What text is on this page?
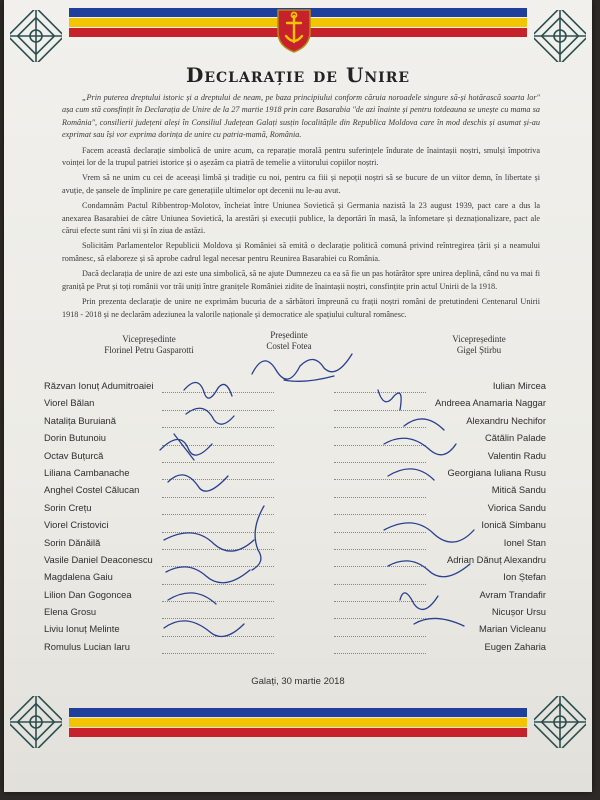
Declarație de Unire

„Prin puterea dreptului istoric și a dreptului de neam, pe baza principiului conform căruia noroadele singure să-și hotărască soarta lor" așa cum stă consfințit în Declarația de Unire de la 27 martie 1918 prin care Basarabia "de azi înainte și pentru totdeauna se unește cu mama sa România", consilierii județeni aleși în Consiliul Județean Galați susțin localitățile din Republica Moldova care în mod deschis și asumat și-au exprimat sau își vor exprima dorința de unire cu patria-mamă, România.

Facem această declarație simbolică de unire acum, ca reparație morală pentru suferințele îndurate de înaintașii noștri, smulși împotriva voinței lor de la trupul patriei istorice și o așezăm ca piatră de temelie a viitorului copiilor noștri.

Vrem să ne unim cu cei de aceeași limbă și tradiție cu noi, pentru ca fiii și nepoții noștri să se bucure de un viitor demn, în libertate și avuție, de șansele de împlinire pe care generațiile ultimelor opt decenii nu le-au avut.

Condamnăm Pactul Ribbentrop-Molotov, încheiat între Uniunea Sovietică și Germania nazistă la 23 august 1939, pact care a dus la anexarea Basarabiei de către Uniunea Sovietică, la arestări și execuții publice, la deportări în masă, la înfometare și deznaționalizare, pact ale cărui efecte sunt răni vii și în ziua de astăzi.

Solicităm Parlamentelor Republicii Moldova și României să emită o declarație politică comună privind reîntregirea țării și a neamului românesc, să elaboreze și să aprobe cadrul legal necesar pentru Reunirea Basarabiei cu România.

Dacă declarația de unire de azi este una simbolică, să ne ajute Dumnezeu ca ea să fie un pas hotărâtor spre unirea deplină, când nu va mai fi graniță pe Prut și toți românii vor trăi uniți între granițele României zidite de înaintașii noștri, consfințite prin actul Unirii de la 1918.

Prin prezenta declarație de unire ne exprimăm bucuria de a sărbători împreună cu frații noștri români de pretutindeni Centenarul Unirii 1918 - 2018 și ne declarăm adeziunea la valorile naționale și democratice ale spațiului cultural românesc.

Vicepreședinte
Florinel Petru Gasparotti
Președinte
Costel Fotea
Vicepreședinte
Gigel Știrbu
Răzvan Ionuț Adumitroaiei
Viorel Bălan
Natalița Buruiană
Dorin Butunoiu
Octav Buțurcă
Liliana Cambanache
Anghel Costel Călucan
Sorin Crețu
Viorel Cristovici
Sorin Dănăilă
Vasile Daniel Deaconescu
Magdalena Gaiu
Lilion Dan Gogoncea
Elena Grosu
Liviu Ionuț Melinte
Romulus Lucian Iaru
Iulian Mircea
Andreea Anamaria Naggar
Alexandru Nechifor
Cătălin Palade
Valentin Radu
Georgiana Iuliana Rusu
Mitică Sandu
Viorica Sandu
Ionică Simbanu
Ionel Stan
Adrian Dănuț Alexandru
Ion Ștefan
Avram Trandafir
Nicușor Ursu
Marian Vicleanu
Eugen Zaharia
Galați, 30 martie 2018
